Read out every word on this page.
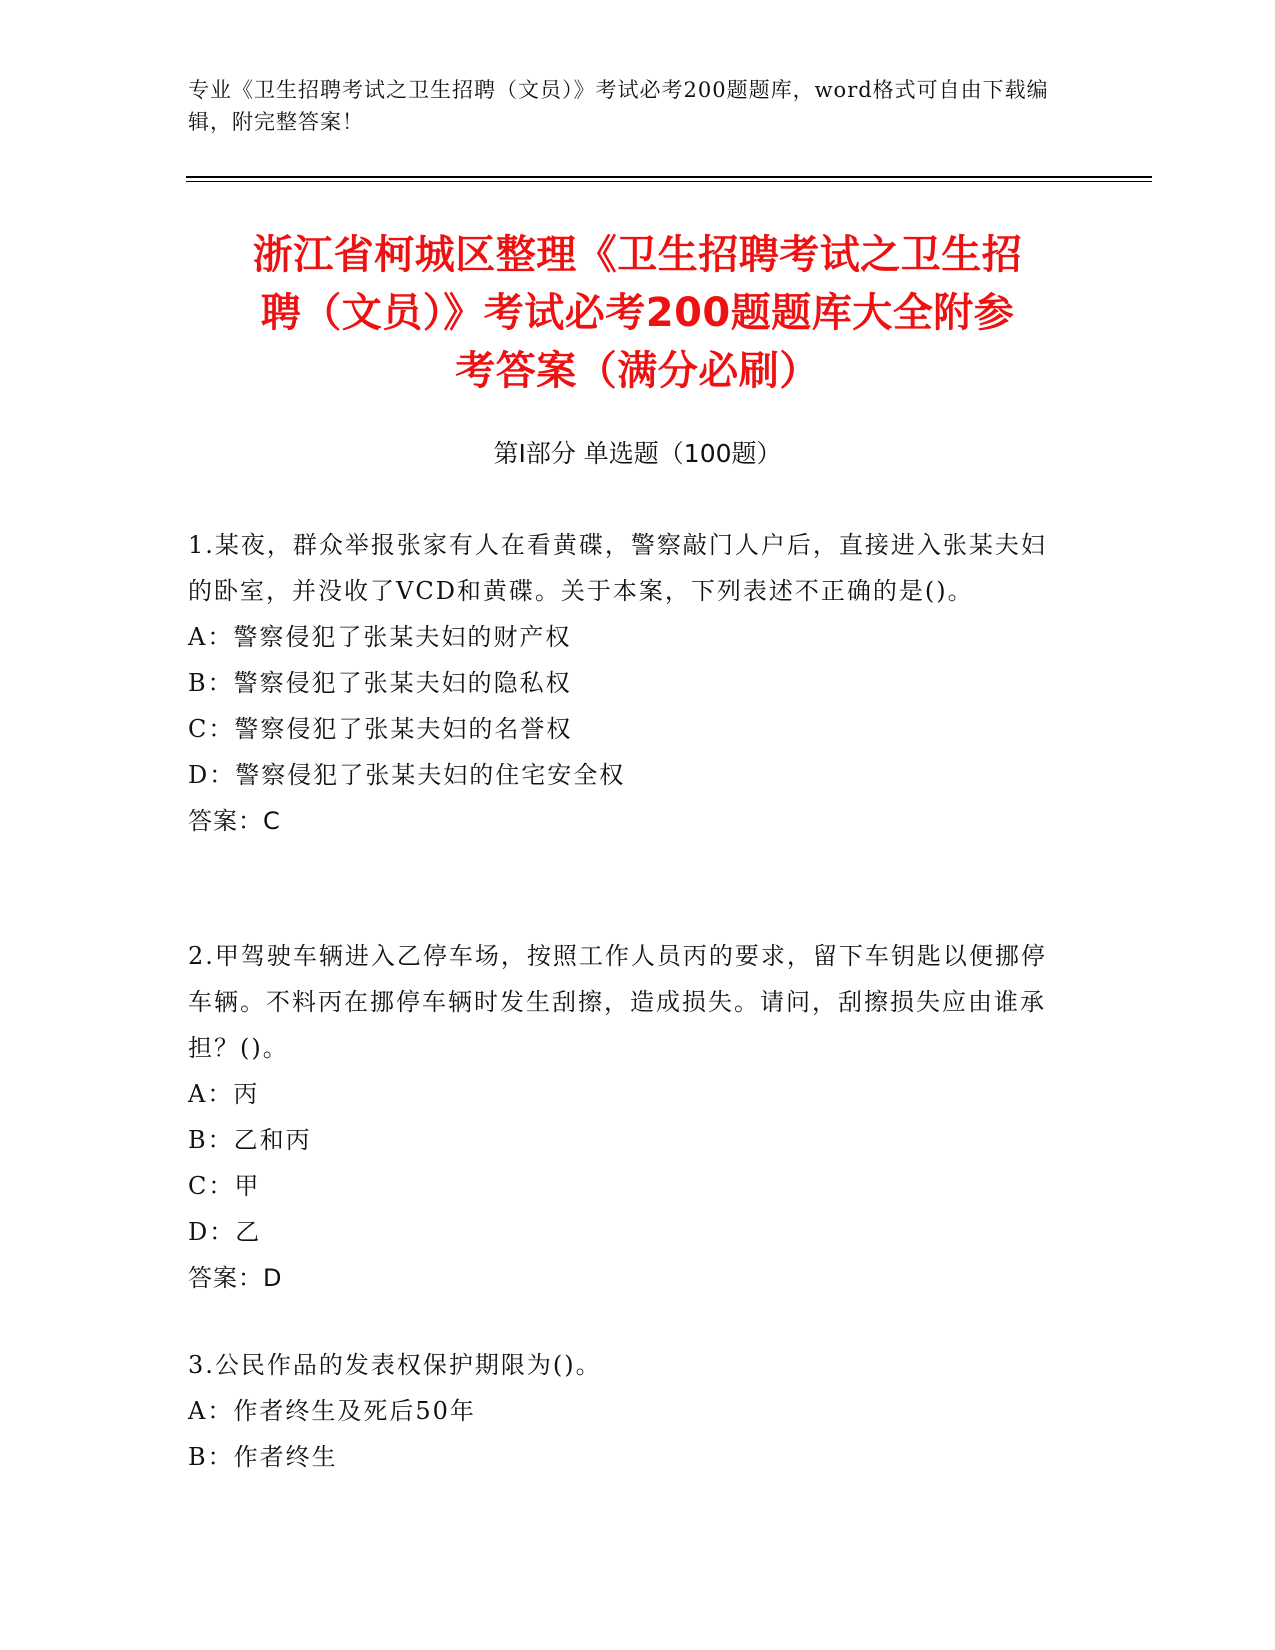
专业《卫生招聘考试之卫生招聘（文员）》考试必考200题题库，word格式可自由下载编辑，附完整答案！
浙江省柯城区整理《卫生招聘考试之卫生招
聘（文员）》考试必考200题题库大全附参
考答案（满分必刷）
第I部分 单选题（100题）
1.某夜，群众举报张家有人在看黄碟，警察敲门人户后，直接进入张某夫妇的卧室，并没收了VCD和黄碟。关于本案，下列表述不正确的是()。
A：警察侵犯了张某夫妇的财产权
B：警察侵犯了张某夫妇的隐私权
C：警察侵犯了张某夫妇的名誉权
D：警察侵犯了张某夫妇的住宅安全权
答案：C
2.甲驾驶车辆进入乙停车场，按照工作人员丙的要求，留下车钥匙以便挪停车辆。不料丙在挪停车辆时发生刮擦，造成损失。请问，刮擦损失应由谁承担？()。
A：丙
B：乙和丙
C：甲
D：乙
答案：D
3.公民作品的发表权保护期限为()。
A：作者终生及死后50年
B：作者终生
